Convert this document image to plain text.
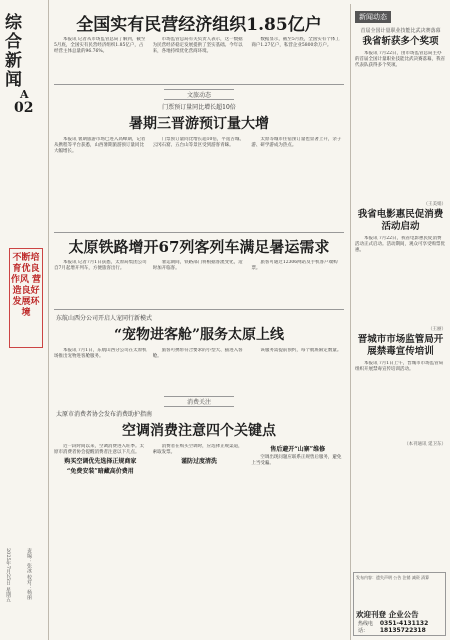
综合新闻
A
02
不断培育优良作风 营造良好发展环境
2025年7月25日 星期五	责编：张冰 校对：杨丽
全国实有民营经济组织1.85亿户

本报讯 记者从市场监管总局了解到，截至5月底，全国实有民营经济组织1.85亿户，占经营主体总量的96.76%。

市场监管总局有关负责人表示，这一数据为民营经济稳定发展提供了坚实基础。今年以来，各地持续优化营商环境。

数据显示，截至5月底，全国实有个体工商户1.27亿户，私营企业5800余万户。

文旅动态
门票预订量同比增长超10倍
暑期三晋游预订量大增

本报讯 暑期旅游市场已进入高峰期，记者从携程等平台获悉，山西暑期旅游预订量同比大幅增长。

门票预订量同比增长超10倍，平遥古城、云冈石窟、五台山等景区受到游客青睐。

太原等城市住宿预订量也显著上升，亲子游、研学游成为热点。

太原铁路增开67列客列车满足暑运需求

本报讯 记者7月1日获悉，太原局集团公司自7月起增开列车，方便旅客出行。

暑运期间，铁路部门将根据客流变化，适时加开临客。

旅客可通过12306网站及手机客户端购票。

东航山西分公司开启人宠同行新模式
“宠物进客舱”服务太原上线

本报讯 7月1日，东航山西分公司在太原机场推出宠物进客舱服务。

旅客可携带符合要求的小型犬、猫进入客舱。

该服务需提前预约，每个航班限定数量。

消费关注
太原市消费者协会发布消费助护指南
空调消费注意四个关键点

近一段时间以来，空调消费进入旺季。太原市消费者协会提醒消费者注意以下几点。

购买空调优先选择正规商家
“免费安装”暗藏高价费用

消费者在购买空调时，应选择正规渠道，索取发票。

谨防过度清洗
售后避开“山寨”维修

空调出现问题应联系正规售后服务，避免上当受骗。

新闻动态
首届全国计量职业技能比武决赛落幕
我省斩获多个奖项

本报讯 7月22日，由市场监管总局主办的首届全国计量职业技能比武决赛落幕，我省代表队获得多个奖项。

（王美娟）
我省电影惠民促消费活动启动

本报讯 7月22日，我省电影惠民促消费活动正式启动。活动期间，观众可享受购票优惠。

（王丽）
晋城市市场监管局开展禁毒宣传培训

本报讯 7月1日上午，晋城市市场监管局组织开展禁毒宣传培训活动。

（本刊通讯 延卫东）
发布内容：遗失声明 公告 注销 减资 清算
欢迎刊登 企业公告
热线电话：
0351-4131132 18135722318
